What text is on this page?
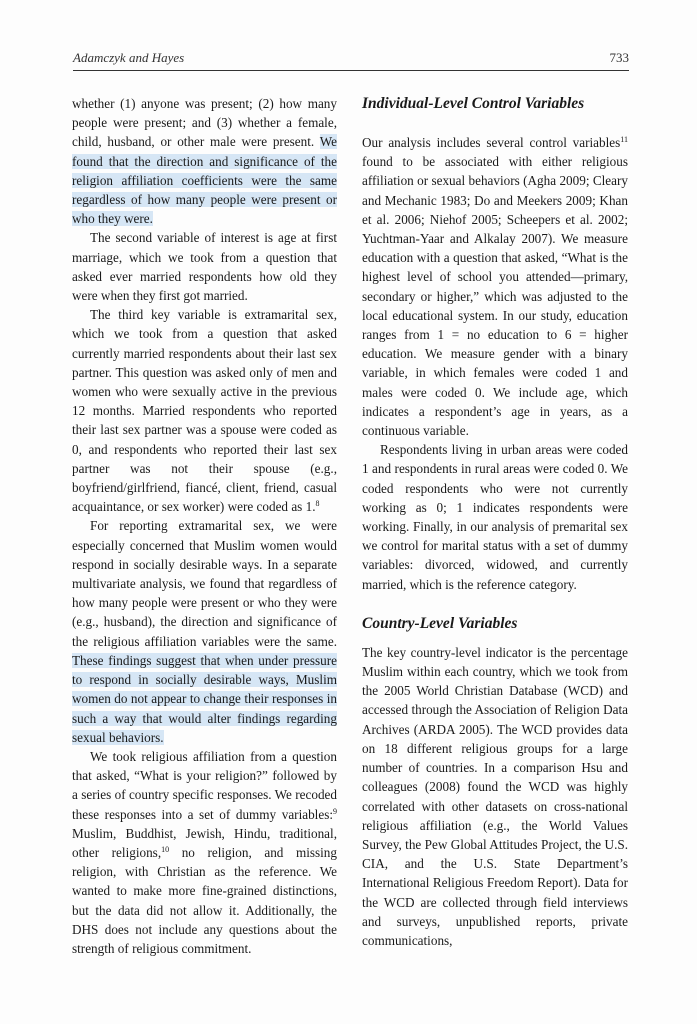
Adamczyk and Hayes	733

whether (1) anyone was present; (2) how many people were present; and (3) whether a female, child, husband, or other male were present. We found that the direction and significance of the religion affiliation coefficients were the same regardless of how many people were present or who they were.

The second variable of interest is age at first marriage, which we took from a question that asked ever married respondents how old they were when they first got married.

The third key variable is extramarital sex, which we took from a question that asked currently married respondents about their last sex partner. This question was asked only of men and women who were sexually active in the previous 12 months. Married respondents who reported their last sex partner was a spouse were coded as 0, and respondents who reported their last sex partner was not their spouse (e.g., boyfriend/girlfriend, fiancé, client, friend, casual acquaintance, or sex worker) were coded as 1.$^8$

For reporting extramarital sex, we were especially concerned that Muslim women would respond in socially desirable ways. In a separate multivariate analysis, we found that regardless of how many people were present or who they were (e.g., husband), the direction and significance of the religious affiliation variables were the same. These findings suggest that when under pressure to respond in socially desirable ways, Muslim women do not appear to change their responses in such a way that would alter findings regarding sexual behaviors.

We took religious affiliation from a question that asked, “What is your religion?” followed by a series of country specific responses. We recoded these responses into a set of dummy variables:$^9$ Muslim, Buddhist, Jewish, Hindu, traditional, other religions,$^{10}$ no religion, and missing religion, with Christian as the reference. We wanted to make more fine-grained distinctions, but the data did not allow it. Additionally, the DHS does not include any questions about the strength of religious commitment.

Individual-Level Control Variables

Our analysis includes several control variables$^{11}$ found to be associated with either religious affiliation or sexual behaviors (Agha 2009; Cleary and Mechanic 1983; Do and Meekers 2009; Khan et al. 2006; Niehof 2005; Scheepers et al. 2002; Yuchtman-Yaar and Alkalay 2007). We measure education with a question that asked, “What is the highest level of school you attended—primary, secondary or higher,” which was adjusted to the local educational system. In our study, education ranges from 1 = no education to 6 = higher education. We measure gender with a binary variable, in which females were coded 1 and males were coded 0. We include age, which indicates a respondent’s age in years, as a continuous variable.

Respondents living in urban areas were coded 1 and respondents in rural areas were coded 0. We coded respondents who were not currently working as 0; 1 indicates respondents were working. Finally, in our analysis of premarital sex we control for marital status with a set of dummy variables: divorced, widowed, and currently married, which is the reference category.

Country-Level Variables

The key country-level indicator is the percentage Muslim within each country, which we took from the 2005 World Christian Database (WCD) and accessed through the Association of Religion Data Archives (ARDA 2005). The WCD provides data on 18 different religious groups for a large number of countries. In a comparison Hsu and colleagues (2008) found the WCD was highly correlated with other datasets on cross-national religious affiliation (e.g., the World Values Survey, the Pew Global Attitudes Project, the U.S. CIA, and the U.S. State Department’s International Religious Freedom Report). Data for the WCD are collected through field interviews and surveys, unpublished reports, private communications,
